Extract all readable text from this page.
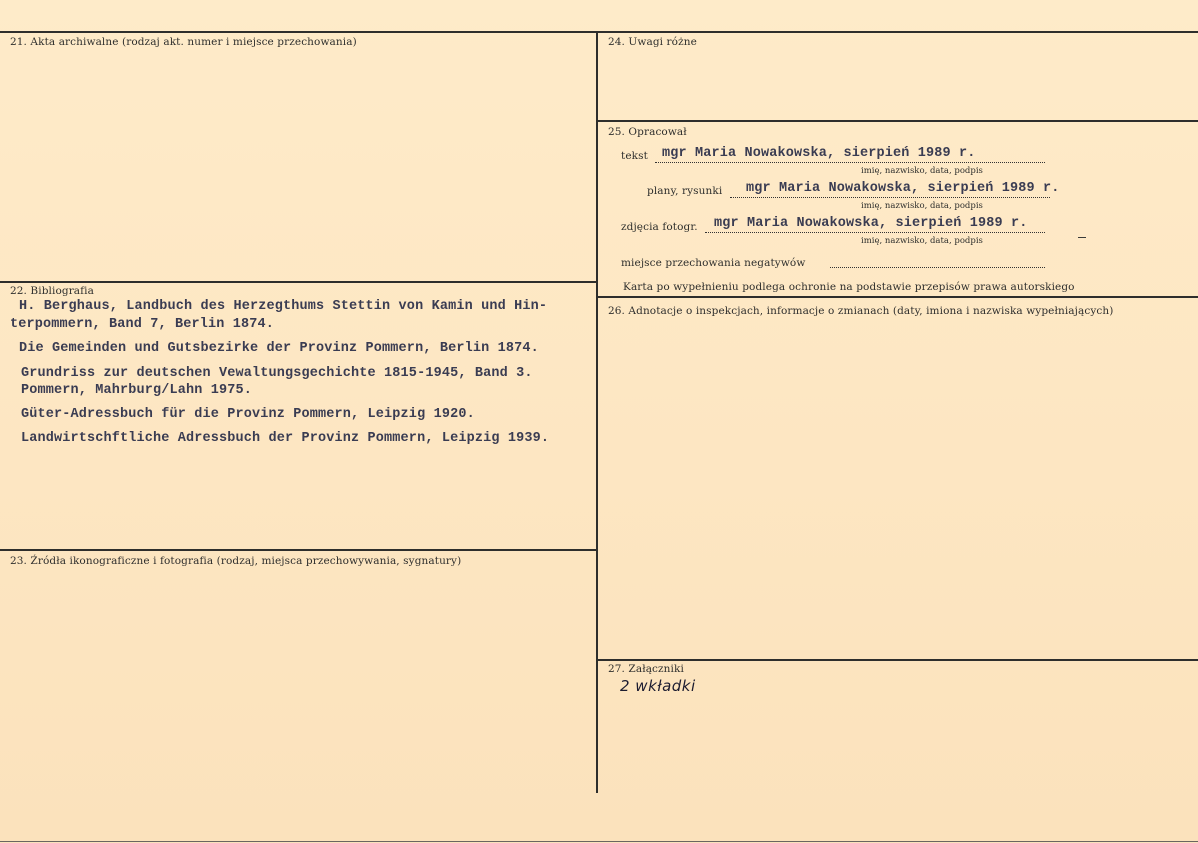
21. Akta archiwalne (rodzaj akt. numer i miejsce przechowania)
22. Bibliografia
H. Berghaus, Landbuch des Herzegthums Stettin von Kamin und Hin-
terpommern, Band 7, Berlin 1874.
Die Gemeinden und Gutsbezirke der Provinz Pommern, Berlin 1874.
Grundriss zur deutschen Vewaltungsgechichte 1815-1945, Band 3.
Pommern, Mahrburg/Lahn 1975.
Güter-Adressbuch für die Provinz Pommern, Leipzig 1920.
Landwirtschftliche Adressbuch der Provinz Pommern, Leipzig 1939.
23. Źródła ikonograficzne i fotografia (rodzaj, miejsca przechowywania, sygnatury)
24. Uwagi różne
25. Opracował
tekst mgr Maria Nowakowska, sierpień 1989 r.
imię, nazwisko, data, podpis
plany, rysunki mgr Maria Nowakowska, sierpień 1989 r.
imię, nazwisko, data, podpis
zdjęcia fotogr. mgr Maria Nowakowska, sierpień 1989 r.
imię, nazwisko, data, podpis
miejsce przechowania negatywów
Karta po wypełnieniu podlega ochronie na podstawie przepisów prawa autorskiego
26. Adnotacje o inspekcjach, informacje o zmianach (daty, imiona i nazwiska wypełniających)
27. Załączniki
2 wkładki
